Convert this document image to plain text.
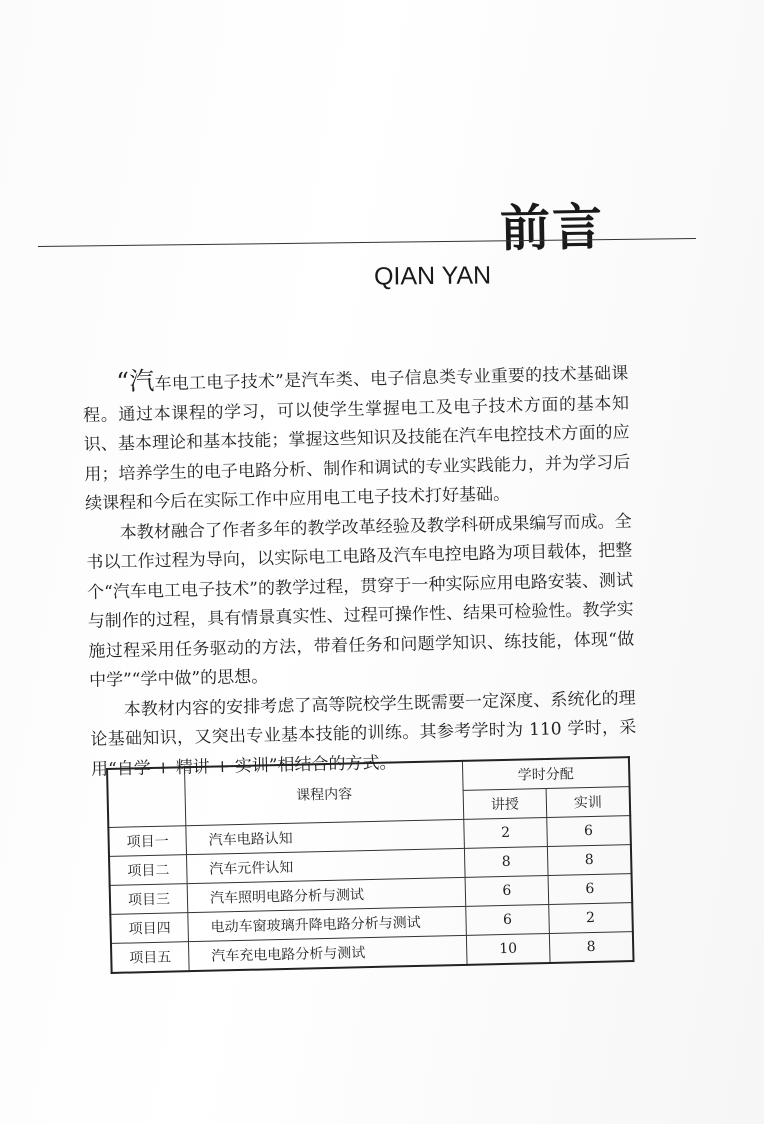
前言
QIAN YAN

“汽车电工电子技术”是汽车类、电子信息类专业重要的技术基础课程。通过本课程的学习，可以使学生掌握电工及电子技术方面的基本知识、基本理论和基本技能；掌握这些知识及技能在汽车电控技术方面的应用；培养学生的电子电路分析、制作和调试的专业实践能力，并为学习后续课程和今后在实际工作中应用电工电子技术打好基础。

本教材融合了作者多年的教学改革经验及教学科研成果编写而成。全书以工作过程为导向，以实际电工电路及汽车电控电路为项目载体，把整个“汽车电工电子技术”的教学过程，贯穿于一种实际应用电路安装、测试与制作的过程，具有情景真实性、过程可操作性、结果可检验性。教学实施过程采用任务驱动的方法，带着任务和问题学知识、练技能，体现“做中学”“学中做”的思想。

本教材内容的安排考虑了高等院校学生既需要一定深度、系统化的理论基础知识，又突出专业基本技能的训练。其参考学时为 110 学时，采用“自学 + 精讲 + 实训”相结合的方式。

	课程内容	学时分配	
		讲授	实训
项目一	汽车电路认知	2	6
项目二	汽车元件认知	8	8
项目三	汽车照明电路分析与测试	6	6
项目四	电动车窗玻璃升降电路分析与测试	6	2
项目五	汽车充电电路分析与测试	10	8
